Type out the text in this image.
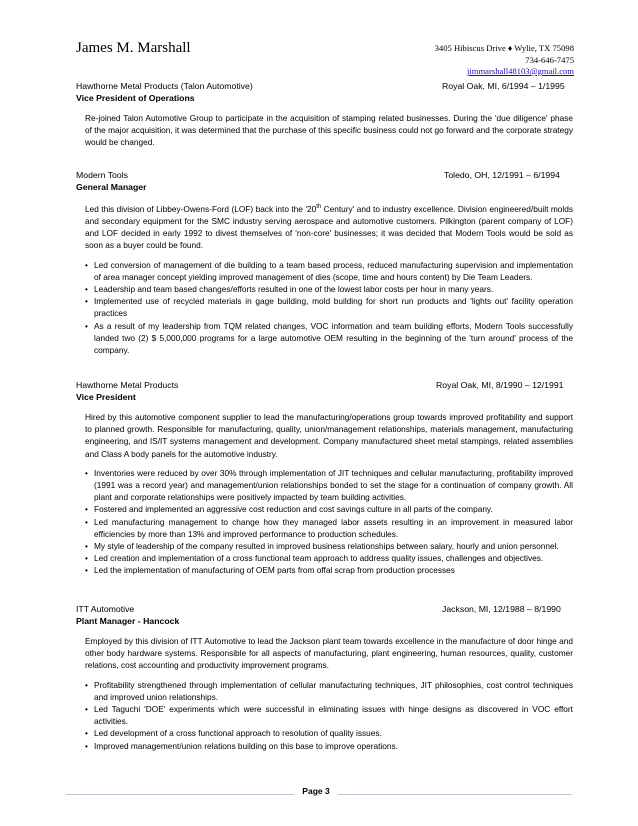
James M. Marshall	3405 Hibiscus Drive ♦ Wylie, TX 75098
734-646-7475
jimmarshall48103@gmail.com
Hawthorne Metal Products (Talon Automotive)	Royal Oak, MI, 6/1994 – 1/1995
Vice President of Operations
Re-joined Talon Automotive Group to participate in the acquisition of stamping related businesses. During the 'due diligence' phase of the major acquisition, it was determined that the purchase of this specific business could not go forward and the corporate strategy would be changed.
Modern Tools	Toledo, OH, 12/1991 – 6/1994
General Manager
Led this division of Libbey-Owens-Ford (LOF) back into the '20th Century' and to industry excellence. Division engineered/built molds and secondary equipment for the SMC industry serving aerospace and automotive customers. Pilkington (parent company of LOF) and LOF decided in early 1992 to divest themselves of 'non-core' businesses; it was decided that Modern Tools would be sold as soon as a buyer could be found.
• Led conversion of management of die building to a team based process, reduced manufacturing supervision and implementation of area manager concept yielding improved management of dies (scope, time and hours content) by Die Team Leaders.
• Leadership and team based changes/efforts resulted in one of the lowest labor costs per hour in many years.
• Implemented use of recycled materials in gage building, mold building for short run products and 'lights out' facility operation practices
• As a result of my leadership from TQM related changes, VOC information and team building efforts, Modern Tools successfully landed two (2) $ 5,000,000 programs for a large automotive OEM resulting in the beginning of the 'turn around' process of the company.
Hawthorne Metal Products	Royal Oak, MI, 8/1990 – 12/1991
Vice President
Hired by this automotive component supplier to lead the manufacturing/operations group towards improved profitability and support to planned growth. Responsible for manufacturing, quality, union/management relationships, materials management, manufacturing engineering, and IS/IT systems management and development. Company manufactured sheet metal stampings, related assemblies and Class A body panels for the automotive industry.
• Inventories were reduced by over 30% through implementation of JIT techniques and cellular manufacturing, profitability improved (1991 was a record year) and management/union relationships bonded to set the stage for a continuation of company growth. All plant and corporate relationships were positively impacted by team building activities.
• Fostered and implemented an aggressive cost reduction and cost savings culture in all parts of the company.
• Led manufacturing management to change how they managed labor assets resulting in an improvement in measured labor efficiencies by more than 13% and improved performance to production schedules.
• My style of leadership of the company resulted in improved business relationships between salary, hourly and union personnel.
• Led creation and implementation of a cross functional team approach to address quality issues, challenges and objectives.
• Led the implementation of manufacturing of OEM parts from offal scrap from production processes
ITT Automotive	Jackson, MI, 12/1988 – 8/1990
Plant Manager - Hancock
Employed by this division of ITT Automotive to lead the Jackson plant team towards excellence in the manufacture of door hinge and other body hardware systems. Responsible for all aspects of manufacturing, plant engineering, human resources, quality, customer relations, cost accounting and productivity improvement programs.
• Profitability strengthened through implementation of cellular manufacturing techniques, JIT philosophies, cost control techniques and improved union relationships.
• Led Taguchi 'DOE' experiments which were successful in eliminating issues with hinge designs as discovered in VOC effort activities.
• Led development of a cross functional approach to resolution of quality issues.
• Improved management/union relations building on this base to improve operations.
Page 3
